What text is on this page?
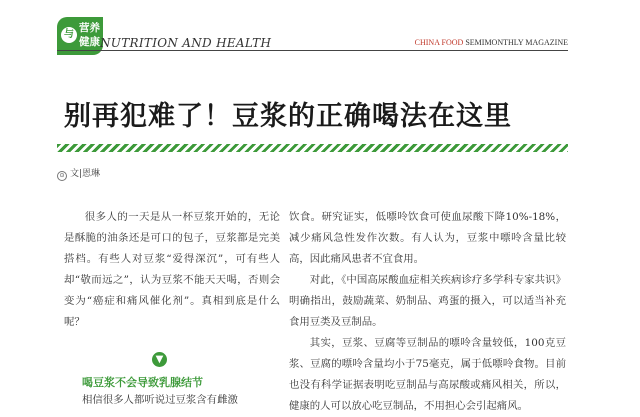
与
营养健康 NUTRITION AND HEALTH	CHINA FOOD SEMIMONTHLY MAGAZINE
别再犯难了！豆浆的正确喝法在这里
⊙ 文|恩琳

很多人的一天是从一杯豆浆开始的，无论是酥脆的油条还是可口的包子，豆浆都是完美搭档。有些人对豆浆“爱得深沉”，可有些人却“敬而远之”，认为豆浆不能天天喝，否则会变为“癌症和痛风催化剂”。真相到底是什么呢？

▼
喝豆浆不会导致乳腺结节
相信很多人都听说过豆浆含有雌激

饮食。研究证实，低嘌呤饮食可使血尿酸下降10%-18%，减少痛风急性发作次数。有人认为，豆浆中嘌呤含量比较高，因此痛风患者不宜食用。

对此，《中国高尿酸血症相关疾病诊疗多学科专家共识》明确指出，鼓励蔬菜、奶制品、鸡蛋的摄入，可以适当补充食用豆类及豆制品。

其实，豆浆、豆腐等豆制品的嘌呤含量较低，100克豆浆、豆腐的嘌呤含量均小于75毫克，属于低嘌呤食物。目前也没有科学证据表明吃豆制品与高尿酸或痛风相关，所以，健康的人可以放心吃豆制品，不用担心会引起痛风。
